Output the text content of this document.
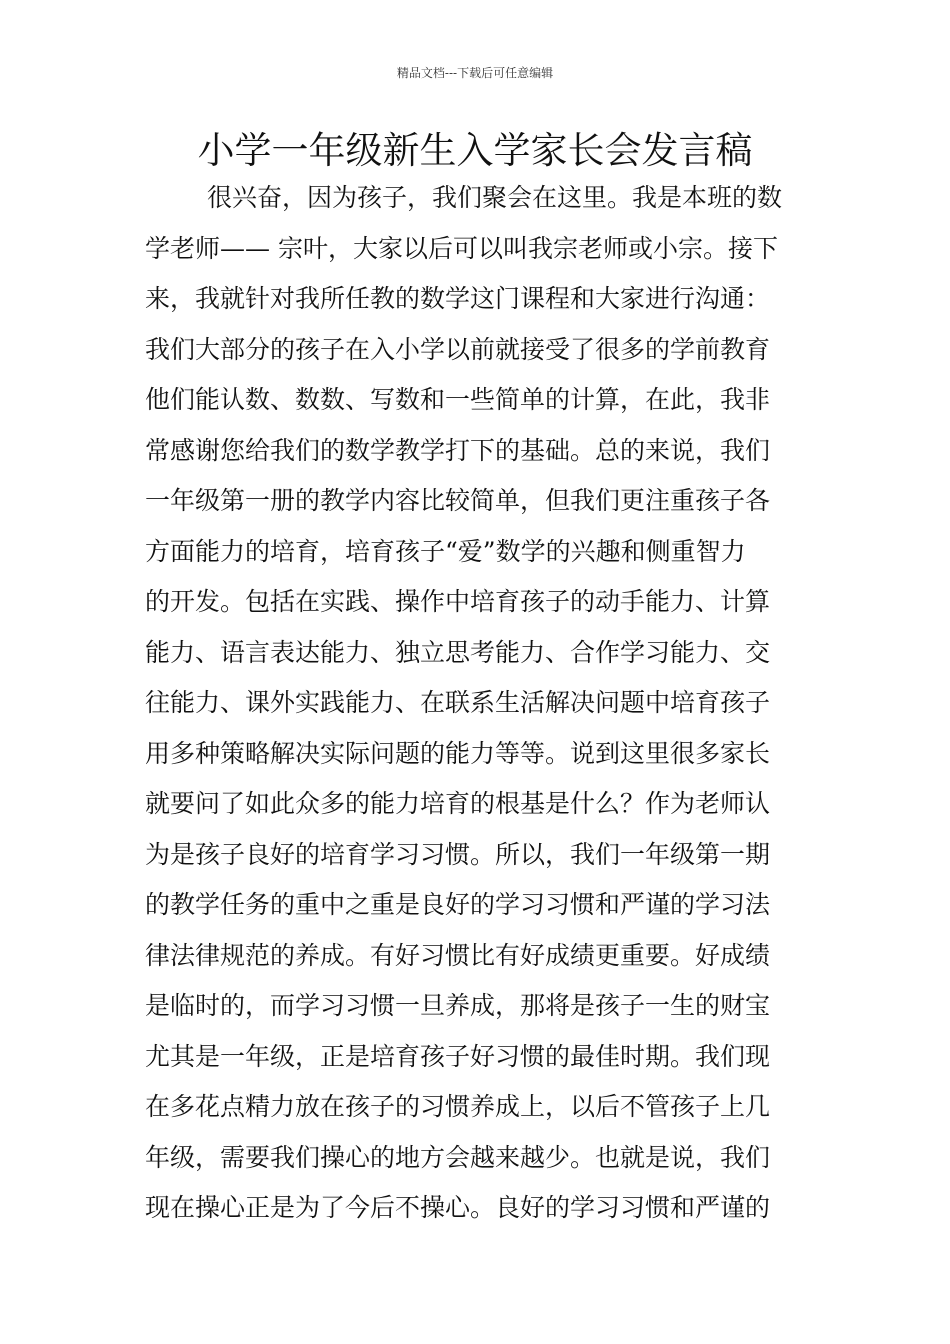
精品文档---下载后可任意编辑
小学一年级新生入学家长会发言稿
很兴奋，因为孩子，我们聚会在这里。我是本班的数
学老师—— 宗叶，大家以后可以叫我宗老师或小宗。接下
来，我就针对我所任教的数学这门课程和大家进行沟通：
我们大部分的孩子在入小学以前就接受了很多的学前教育
他们能认数、数数、写数和一些简单的计算，在此，我非
常感谢您给我们的数学教学打下的基础。总的来说，我们
一年级第一册的教学内容比较简单，但我们更注重孩子各
方面能力的培育，培育孩子“爱”数学的兴趣和侧重智力
的开发。包括在实践、操作中培育孩子的动手能力、计算
能力、语言表达能力、独立思考能力、合作学习能力、交
往能力、课外实践能力、在联系生活解决问题中培育孩子
用多种策略解决实际问题的能力等等。说到这里很多家长
就要问了如此众多的能力培育的根基是什么？作为老师认
为是孩子良好的培育学习习惯。所以，我们一年级第一期
的教学任务的重中之重是良好的学习习惯和严谨的学习法
律法律规范的养成。有好习惯比有好成绩更重要。好成绩
是临时的，而学习习惯一旦养成，那将是孩子一生的财宝
尤其是一年级，正是培育孩子好习惯的最佳时期。我们现
在多花点精力放在孩子的习惯养成上，以后不管孩子上几
年级，需要我们操心的地方会越来越少。也就是说，我们
现在操心正是为了今后不操心。良好的学习习惯和严谨的
